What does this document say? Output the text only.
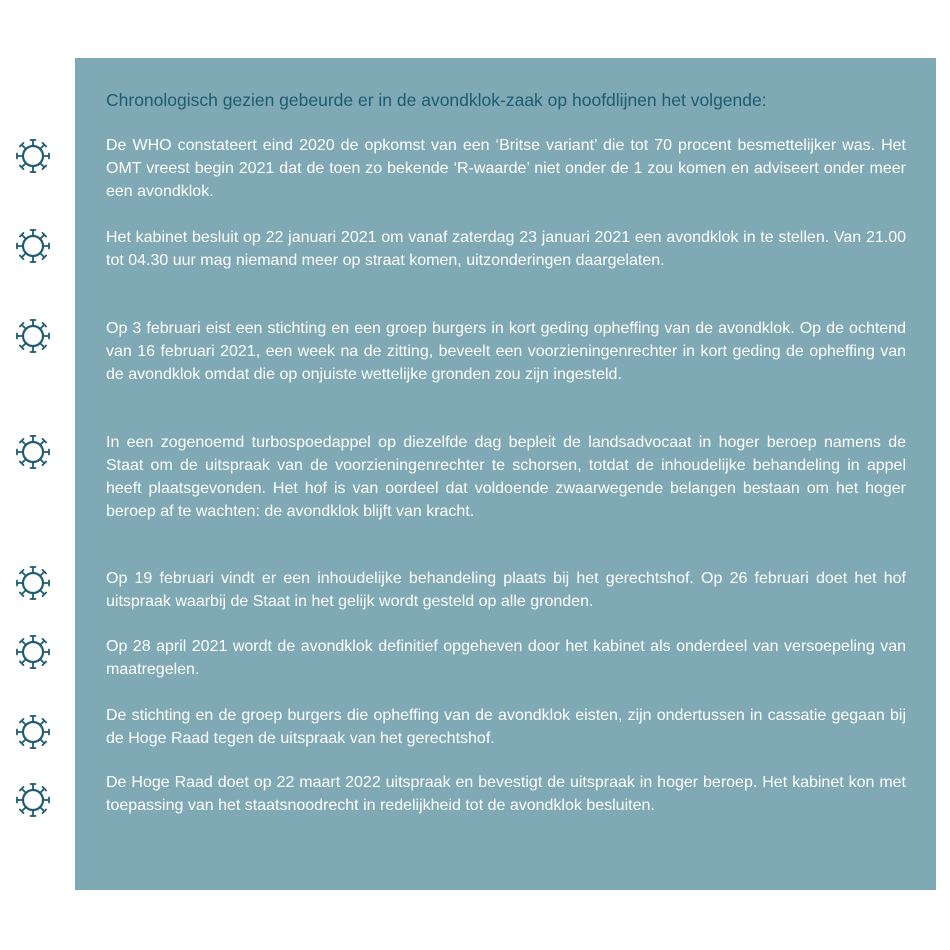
Chronologisch gezien gebeurde er in de avondklok-zaak op hoofdlijnen het volgende:
De WHO constateert eind 2020 de opkomst van een ‘Britse variant’ die tot 70 procent besmettelijker was. Het OMT vreest begin 2021 dat de toen zo bekende ‘R-waarde’ niet onder de 1 zou komen en adviseert onder meer een avondklok.
Het kabinet besluit op 22 januari 2021 om vanaf zaterdag 23 januari 2021 een avondklok in te stellen. Van 21.00 tot 04.30 uur mag niemand meer op straat komen, uitzonderingen daargelaten.
Op 3 februari eist een stichting en een groep burgers in kort geding opheffing van de avondklok. Op de ochtend van 16 februari 2021, een week na de zitting, beveelt een voorzieningenrechter in kort geding de opheffing van de avondklok omdat die op onjuiste wettelijke gronden zou zijn ingesteld.
In een zogenoemd turbospoedappel op diezelfde dag bepleit de landsadvocaat in hoger beroep namens de Staat om de uitspraak van de voorzieningenrechter te schorsen, totdat de inhoudelijke behandeling in appel heeft plaatsgevonden. Het hof is van oordeel dat voldoende zwaarwegende belangen bestaan om het hoger beroep af te wachten: de avondklok blijft van kracht.
Op 19 februari vindt er een inhoudelijke behandeling plaats bij het gerechtshof. Op 26 februari doet het hof uitspraak waarbij de Staat in het gelijk wordt gesteld op alle gronden.
Op 28 april 2021 wordt de avondklok definitief opgeheven door het kabinet als onderdeel van versoepeling van maatregelen.
De stichting en de groep burgers die opheffing van de avondklok eisten, zijn ondertussen in cassatie gegaan bij de Hoge Raad tegen de uitspraak van het gerechtshof.
De Hoge Raad doet op 22 maart 2022 uitspraak en bevestigt de uitspraak in hoger beroep. Het kabinet kon met toepassing van het staatsnoodrecht in redelijkheid tot de avondklok besluiten.
